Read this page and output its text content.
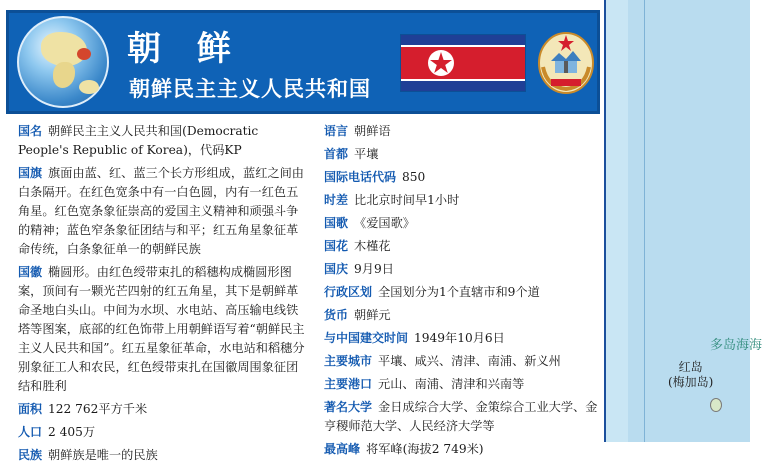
多岛海海
红岛
(梅加岛)
朝 鲜
朝鲜民主主义人民共和国

国名 朝鲜民主主义人民共和国(Democratic People's Republic of Korea)，代码KP

国旗 旗面由蓝、红、蓝三个长方形组成，蓝红之间由白条隔开。在红色宽条中有一白色圆，内有一红色五角星。红色宽条象征崇高的爱国主义精神和顽强斗争的精神；蓝色窄条象征团结与和平；红五角星象征革命传统，白条象征单一的朝鲜民族

国徽 椭圆形。由红色绶带束扎的稻穗构成椭圆形图案，顶间有一颗光芒四射的红五角星，其下是朝鲜革命圣地白头山。中间为水坝、水电站、高压输电线铁塔等图案，底部的红色饰带上用朝鲜语写着“朝鲜民主主义人民共和国”。红五星象征革命，水电站和稻穗分别象征工人和农民，红色绶带束扎在国徽周围象征团结和胜利

面积 122 762平方千米

人口 2 405万

民族 朝鲜族是唯一的民族

语言 朝鲜语

首都 平壤

国际电话代码 850

时差 比北京时间早1小时

国歌 《爱国歌》

国花 木槿花

国庆 9月9日

行政区划 全国划分为1个直辖市和9个道

货币 朝鲜元

与中国建交时间 1949年10月6日

主要城市 平壤、咸兴、清津、南浦、新义州

主要港口 元山、南浦、清津和兴南等

著名大学 金日成综合大学、金策综合工业大学、金亨稷师范大学、人民经济大学等

最高峰 将军峰(海拔2 749米)
